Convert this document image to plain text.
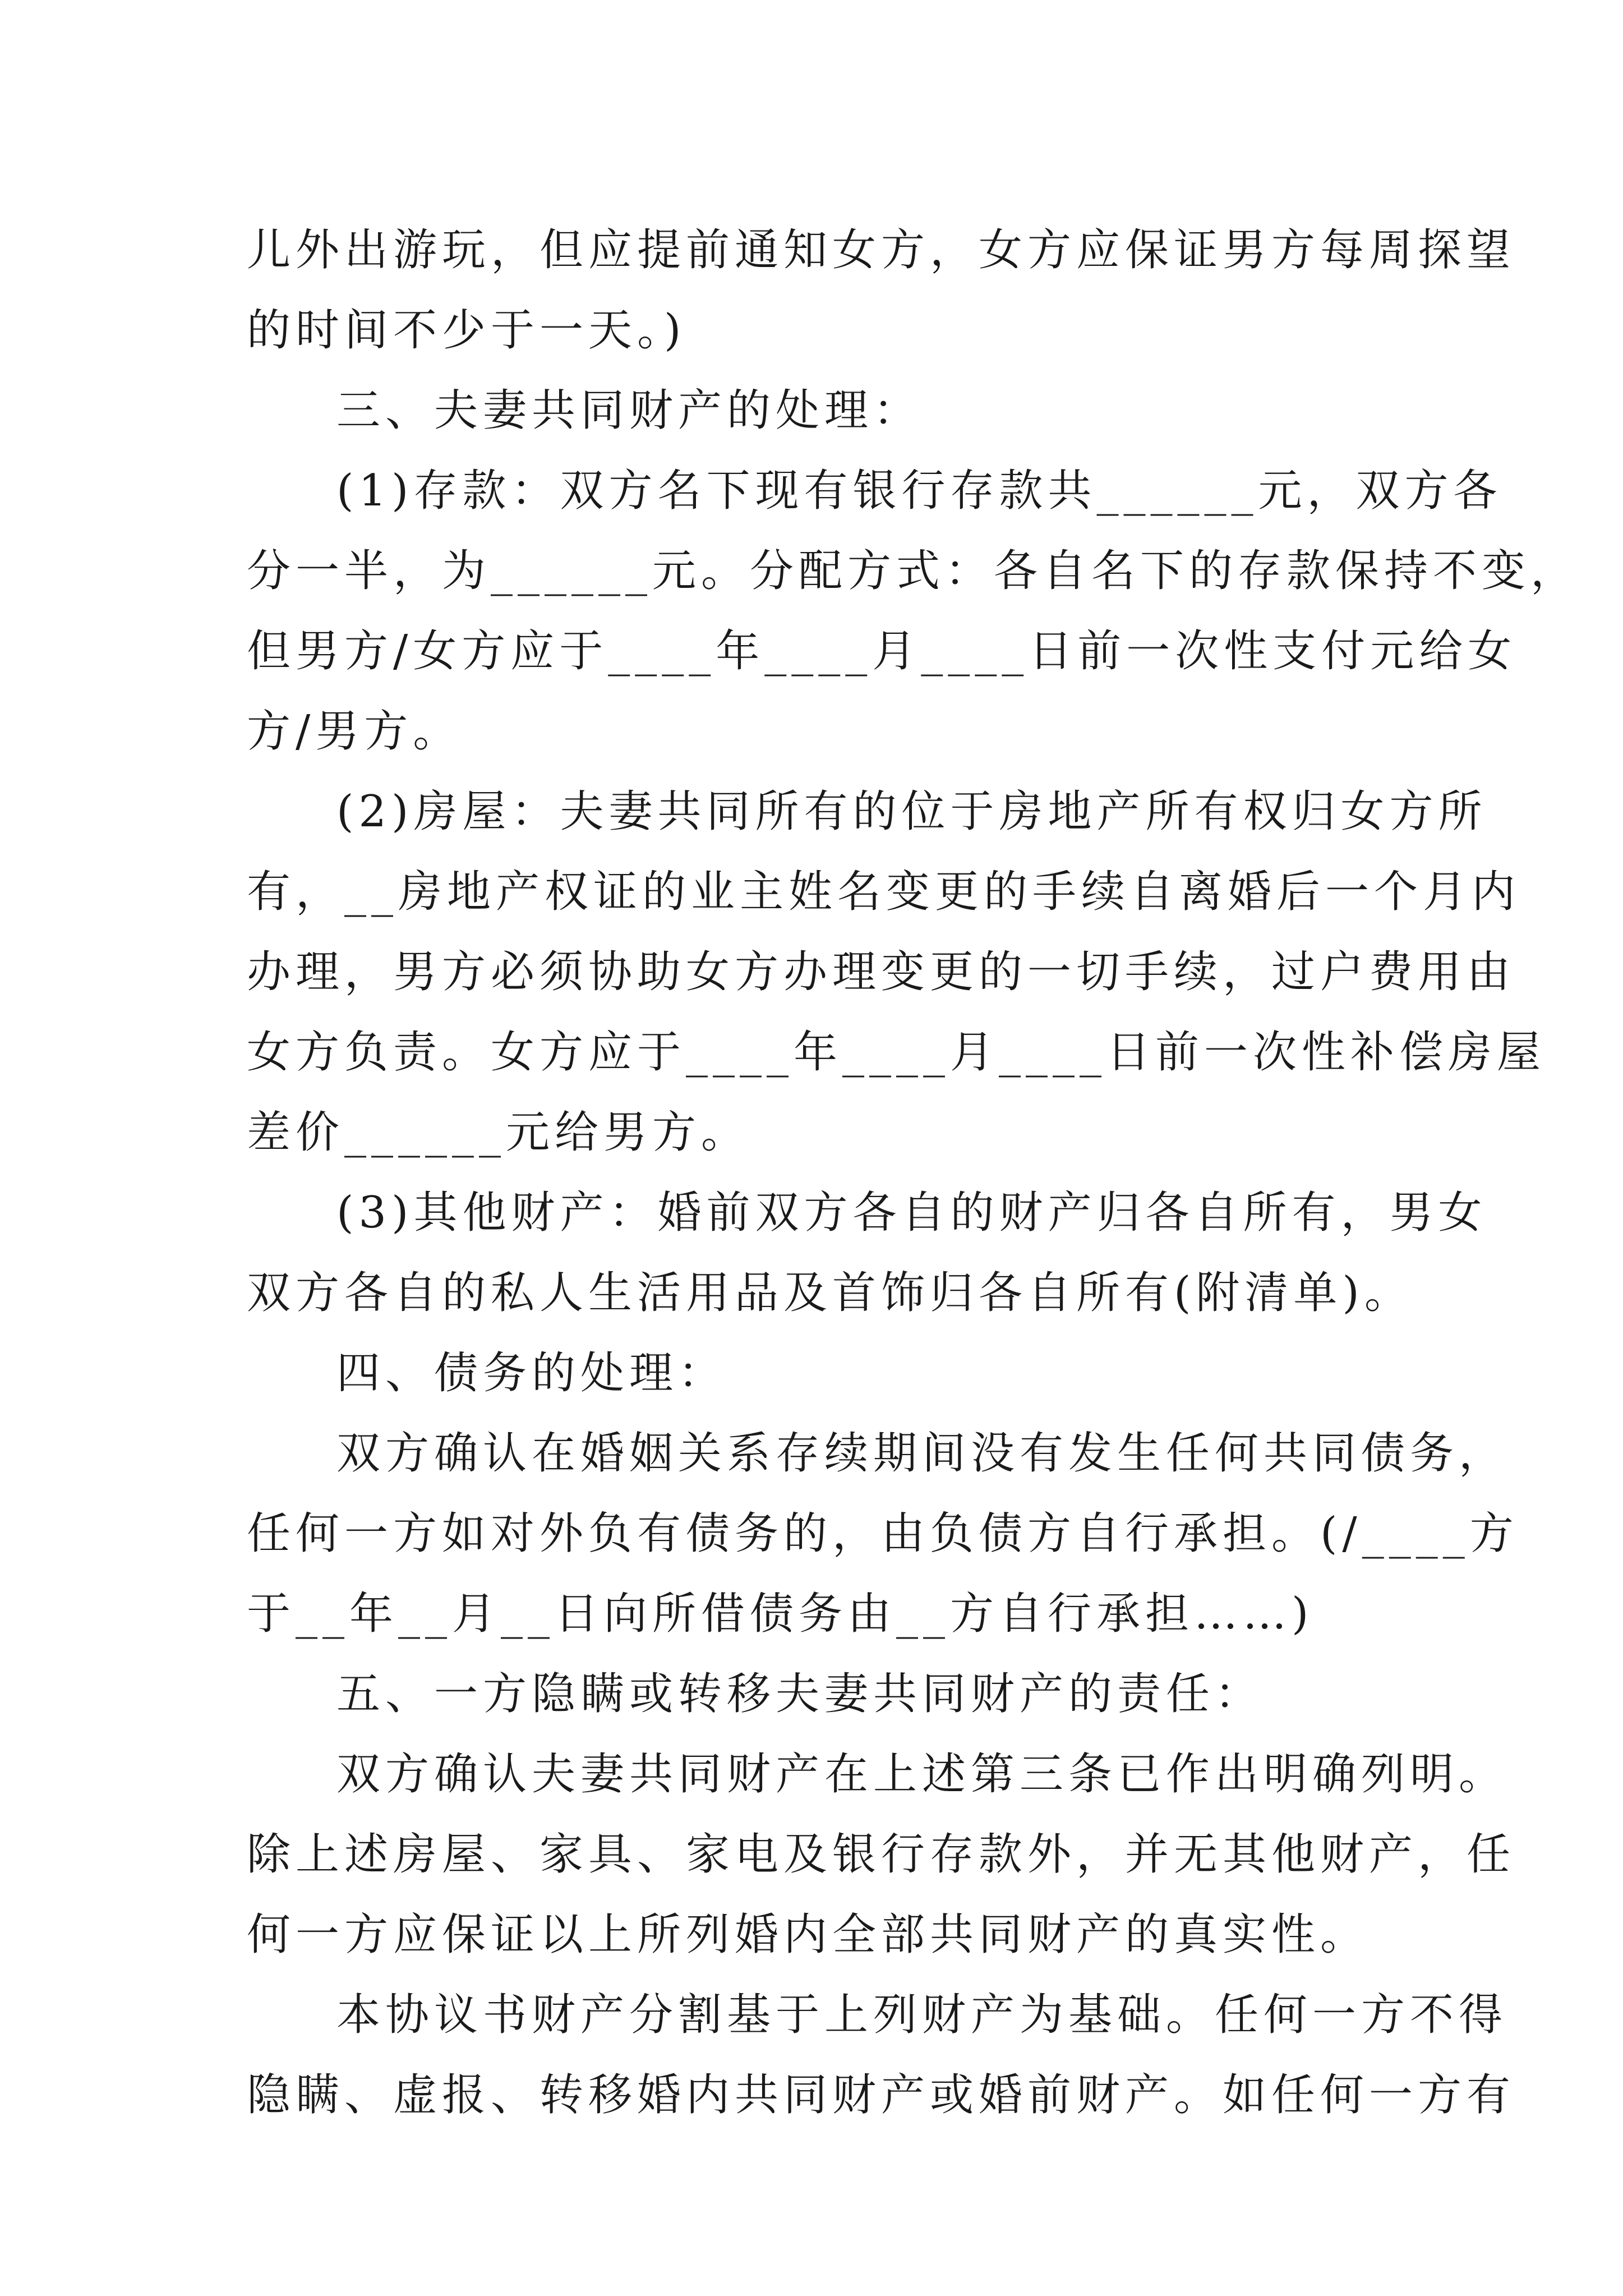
儿外出游玩，但应提前通知女方，女方应保证男方每周探望
的时间不少于一天。)
三、夫妻共同财产的处理：
(1)存款：双方名下现有银行存款共______元，双方各
分一半，为______元。分配方式：各自名下的存款保持不变，
但男方/女方应于____年____月____日前一次性支付元给女
方/男方。
(2)房屋：夫妻共同所有的位于房地产所有权归女方所
有，__房地产权证的业主姓名变更的手续自离婚后一个月内
办理，男方必须协助女方办理变更的一切手续，过户费用由
女方负责。女方应于____年____月____日前一次性补偿房屋
差价______元给男方。
(3)其他财产：婚前双方各自的财产归各自所有，男女
双方各自的私人生活用品及首饰归各自所有(附清单)。
四、债务的处理：
双方确认在婚姻关系存续期间没有发生任何共同债务，
任何一方如对外负有债务的，由负债方自行承担。(/____方
于__年__月__日向所借债务由__方自行承担……)
五、一方隐瞒或转移夫妻共同财产的责任：
双方确认夫妻共同财产在上述第三条已作出明确列明。
除上述房屋、家具、家电及银行存款外，并无其他财产，任
何一方应保证以上所列婚内全部共同财产的真实性。
本协议书财产分割基于上列财产为基础。任何一方不得
隐瞒、虚报、转移婚内共同财产或婚前财产。如任何一方有
